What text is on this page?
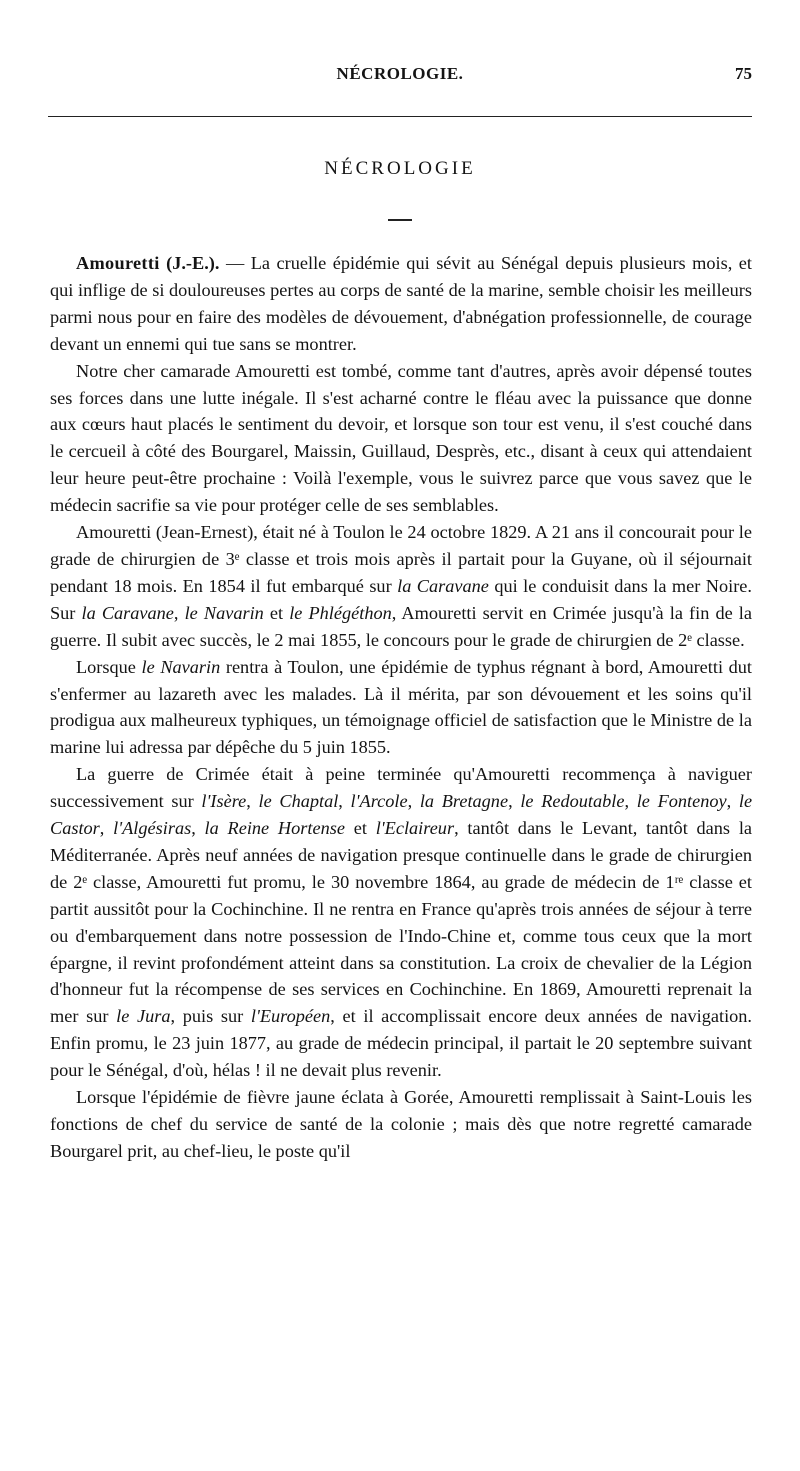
NÉCROLOGIE.	75
NÉCROLOGIE

Amouretti (J.-E.). — La cruelle épidémie qui sévit au Sénégal depuis plusieurs mois, et qui inflige de si douloureuses pertes au corps de santé de la marine, semble choisir les meilleurs parmi nous pour en faire des modèles de dévouement, d'abnégation professionnelle, de courage devant un ennemi qui tue sans se montrer.

Notre cher camarade Amouretti est tombé, comme tant d'autres, après avoir dépensé toutes ses forces dans une lutte inégale. Il s'est acharné contre le fléau avec la puissance que donne aux cœurs haut placés le sentiment du devoir, et lorsque son tour est venu, il s'est couché dans le cercueil à côté des Bourgarel, Maissin, Guillaud, Desprès, etc., disant à ceux qui attendaient leur heure peut-être prochaine : Voilà l'exemple, vous le suivrez parce que vous savez que le médecin sacrifie sa vie pour protéger celle de ses semblables.

Amouretti (Jean-Ernest), était né à Toulon le 24 octobre 1829. A 21 ans il concourait pour le grade de chirurgien de 3ᵉ classe et trois mois après il partait pour la Guyane, où il séjournait pendant 18 mois. En 1854 il fut embarqué sur la Caravane qui le conduisit dans la mer Noire. Sur la Caravane, le Navarin et le Phlégéthon, Amouretti servit en Crimée jusqu'à la fin de la guerre. Il subit avec succès, le 2 mai 1855, le concours pour le grade de chirurgien de 2ᵉ classe.

Lorsque le Navarin rentra à Toulon, une épidémie de typhus régnant à bord, Amouretti dut s'enfermer au lazareth avec les malades. Là il mérita, par son dévouement et les soins qu'il prodigua aux malheureux typhiques, un témoignage officiel de satisfaction que le Ministre de la marine lui adressa par dépêche du 5 juin 1855.

La guerre de Crimée était à peine terminée qu'Amouretti recommença à naviguer successivement sur l'Isère, le Chaptal, l'Arcole, la Bretagne, le Redoutable, le Fontenoy, le Castor, l'Algésiras, la Reine Hortense et l'Eclaireur, tantôt dans le Levant, tantôt dans la Méditerranée. Après neuf années de navigation presque continuelle dans le grade de chirurgien de 2ᵉ classe, Amouretti fut promu, le 30 novembre 1864, au grade de médecin de 1ʳᵉ classe et partit aussitôt pour la Cochinchine. Il ne rentra en France qu'après trois années de séjour à terre ou d'embarquement dans notre possession de l'Indo-Chine et, comme tous ceux que la mort épargne, il revint profondément atteint dans sa constitution. La croix de chevalier de la Légion d'honneur fut la récompense de ses services en Cochinchine. En 1869, Amouretti reprenait la mer sur le Jura, puis sur l'Européen, et il accomplissait encore deux années de navigation. Enfin promu, le 23 juin 1877, au grade de médecin principal, il partait le 20 septembre suivant pour le Sénégal, d'où, hélas ! il ne devait plus revenir.

Lorsque l'épidémie de fièvre jaune éclata à Gorée, Amouretti remplissait à Saint-Louis les fonctions de chef du service de santé de la colonie ; mais dès que notre regretté camarade Bourgarel prit, au chef-lieu, le poste qu'il
